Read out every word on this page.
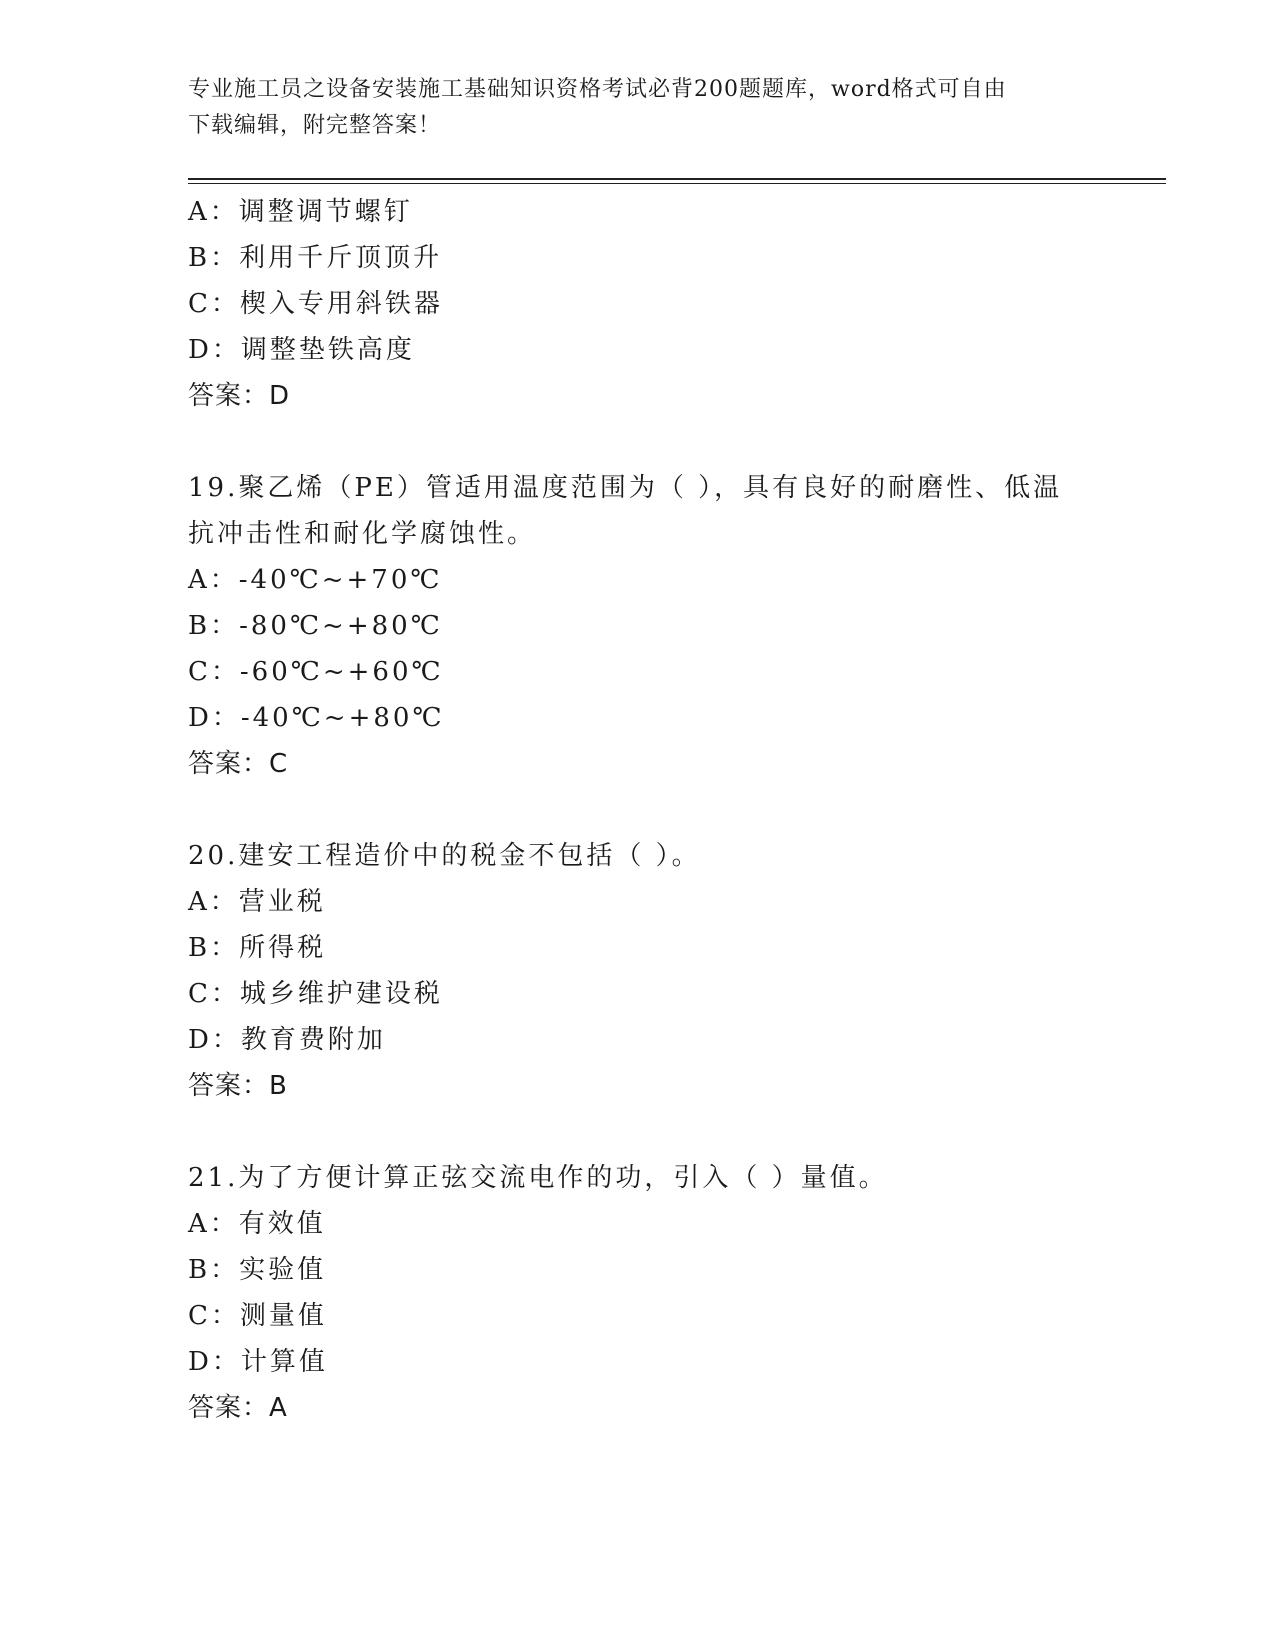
专业施工员之设备安装施工基础知识资格考试必背200题题库，word格式可自由
下载编辑，附完整答案！
A：调整调节螺钉
B：利用千斤顶顶升
C：楔入专用斜铁器
D：调整垫铁高度
答案：D
19.聚乙烯（PE）管适用温度范围为（ ），具有良好的耐磨性、低温
抗冲击性和耐化学腐蚀性。
A：-40℃~+70℃
B：-80℃~+80℃
C：-60℃~+60℃
D：-40℃~+80℃
答案：C
20.建安工程造价中的税金不包括（ ）。
A：营业税
B：所得税
C：城乡维护建设税
D：教育费附加
答案：B
21.为了方便计算正弦交流电作的功，引入（ ）量值。
A：有效值
B：实验值
C：测量值
D：计算值
答案：A
